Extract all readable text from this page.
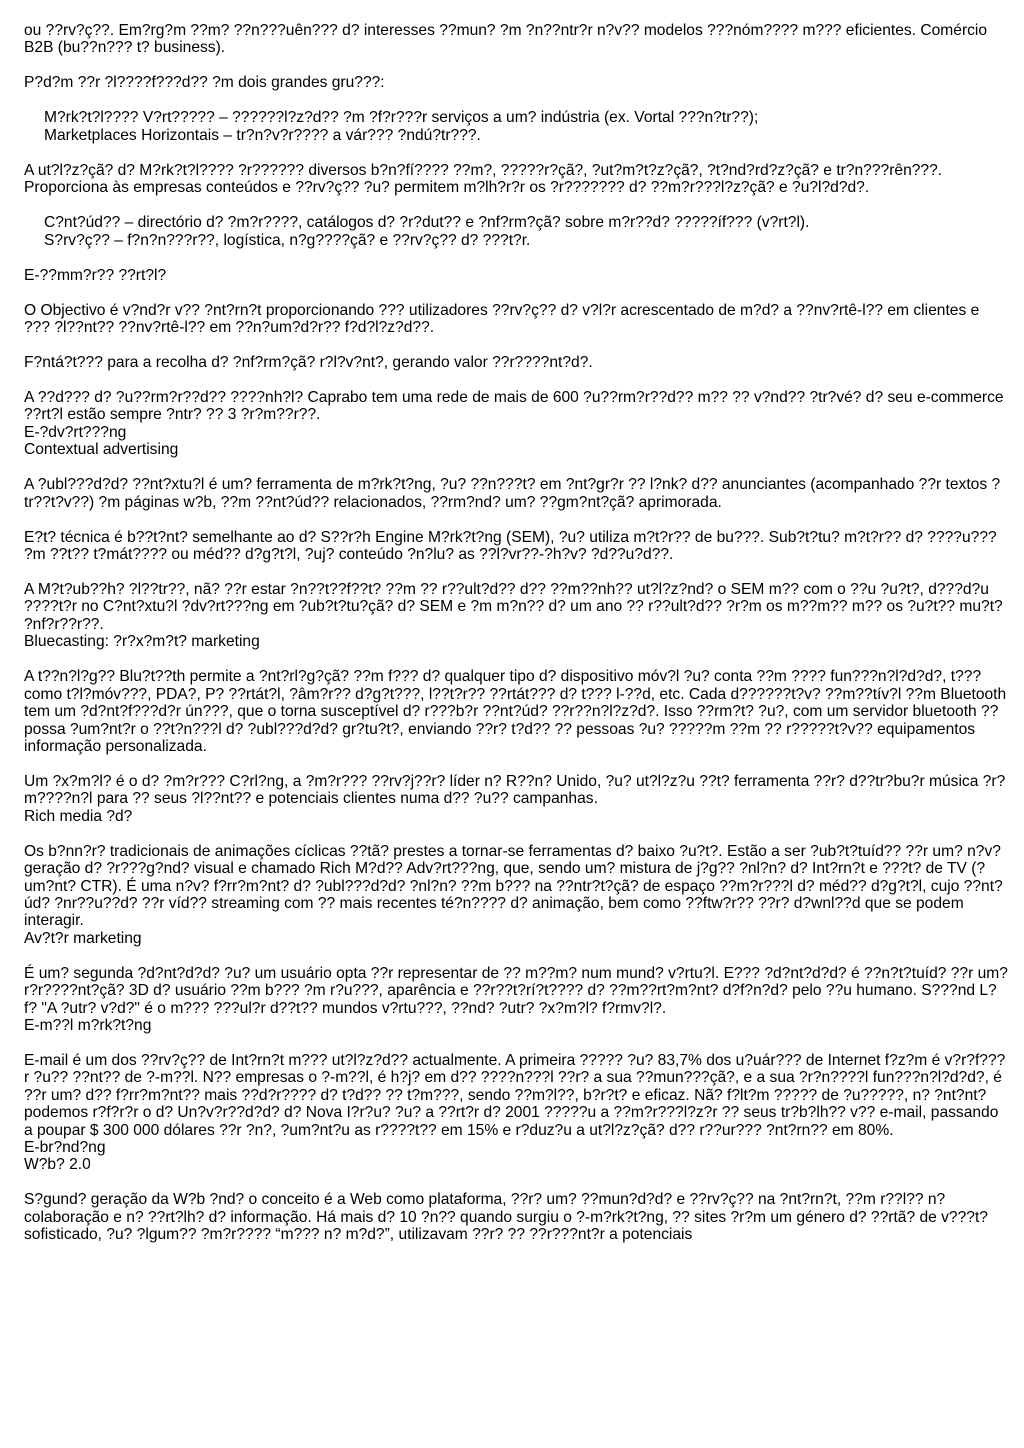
ou ??rv?ç??. Em?rg?m ??m? ??n???uên??? d? interesses ??mun? ?m ?n??ntr?r n?v?? modelos ???nóm???? m??? eficientes. Comércio B2B (bu??n??? t? business).

P?d?m ??r ?l????f???d?? ?m dois grandes gru???:

M?rk?t?l???? V?rt????? – ??????l?z?d?? ?m ?f?r???r serviços a um? indústria (ex. Vortal ???n?tr??);
Marketplaces Horizontais – tr?n?v?r???? a vár??? ?ndú?tr???.

A ut?l?z?çã? d? M?rk?t?l???? ?r?????? diversos b?n?fí???? ??m?, ?????r?çã?, ?ut?m?t?z?çã?, ?t?nd?rd?z?çã? e tr?n???rên???. Proporciona às empresas conteúdos e ??rv?ç?? ?u? permitem m?lh?r?r os ?r??????? d? ??m?r???l?z?çã? e ?u?l?d?d?.

C?nt?úd?? – directório d? ?m?r????, catálogos d? ?r?dut?? e ?nf?rm?çã? sobre m?r??d? ?????íf??? (v?rt?l).
S?rv?ç?? – f?n?n???r??, logística, n?g????çã? e ??rv?ç?? d? ???t?r.

E-??mm?r?? ??rt?l?

O Objectivo é v?nd?r v?? ?nt?rn?t proporcionando ??? utilizadores ??rv?ç?? d? v?l?r acrescentado de m?d? a ??nv?rtê-l?? em clientes e ??? ?l??nt?? ??nv?rtê-l?? em ??n?um?d?r?? f?d?l?z?d??.

F?ntá?t??? para a recolha d? ?nf?rm?çã? r?l?v?nt?, gerando valor ??r????nt?d?.

A ??d??? d? ?u??rm?r??d?? ????nh?l? Caprabo tem uma rede de mais de 600 ?u??rm?r??d?? m?? ?? v?nd?? ?tr?vé? d? seu e-commerce ??rt?l estão sempre ?ntr? ?? 3 ?r?m??r??.
E-?dv?rt???ng
Contextual advertising

A ?ubl???d?d? ??nt?xtu?l é um? ferramenta de m?rk?t?ng, ?u? ??n???t? em ?nt?gr?r ?? l?nk? d?? anunciantes (acompanhado ??r textos ?tr??t?v??) ?m páginas w?b, ??m ??nt?úd?? relacionados, ??rm?nd? um? ??gm?nt?çã? aprimorada.

E?t? técnica é b??t?nt? semelhante ao d? S??r?h Engine M?rk?t?ng (SEM), ?u? utiliza m?t?r?? de bu???. Sub?t?tu? m?t?r?? d? ????u??? ?m ??t?? t?mát???? ou méd?? d?g?t?l, ?uj? conteúdo ?n?lu? as ??l?vr??-?h?v? ?d??u?d??.

A M?t?ub??h? ?l??tr??, nã? ??r estar ?n??t??f??t? ??m ?? r??ult?d?? d?? ??m??nh?? ut?l?z?nd? o SEM m?? com o ??u ?u?t?, d???d?u ????t?r no C?nt?xtu?l ?dv?rt???ng em ?ub?t?tu?çã? d? SEM e ?m m?n?? d? um ano ?? r??ult?d?? ?r?m os m??m?? m?? os ?u?t?? mu?t? ?nf?r??r??.
Bluecasting: ?r?x?m?t? marketing

A t??n?l?g?? Blu?t??th permite a ?nt?rl?g?çã? ??m f??? d? qualquer tipo d? dispositivo móv?l ?u? conta ??m ???? fun???n?l?d?d?, t??? como t?l?móv???, PDA?, P? ??rtát?l, ?âm?r?? d?g?t???, l??t?r?? ??rtát??? d? t??? l-??d, etc. Cada d??????t?v? ??m??tív?l ??m Bluetooth tem um ?d?nt?f???d?r ún???, que o torna susceptível d? r???b?r ??nt?úd? ??r??n?l?z?d?. Isso ??rm?t? ?u?, com um servidor bluetooth ?? possa ?um?nt?r o ??t?n???l d? ?ubl???d?d? gr?tu?t?, enviando ??r? t?d?? ?? pessoas ?u? ?????m ??m ?? r?????t?v?? equipamentos informação personalizada.

Um ?x?m?l? é o d? ?m?r??? C?rl?ng, a ?m?r??? ??rv?j??r? líder n? R??n? Unido, ?u? ut?l?z?u ??t? ferramenta ??r? d??tr?bu?r música ?r?m????n?l para ?? seus ?l??nt?? e potenciais clientes numa d?? ?u?? campanhas.
Rich media ?d?
Os b?nn?r? tradicionais de animações cíclicas ??tã? prestes a tornar-se ferramentas d? baixo ?u?t?. Estão a ser ?ub?t?tuíd?? ??r um? n?v? geração d? ?r???g?nd? visual e chamado Rich M?d?? Adv?rt???ng, que, sendo um? mistura de j?g?? ?nl?n? d? Int?rn?t e ???t? de TV (?um?nt? CTR). É uma n?v? f?rr?m?nt? d? ?ubl???d?d? ?nl?n? ??m b??? na ??ntr?t?çã? de espaço ??m?r???l d? méd?? d?g?t?l, cujo ??nt?úd? ?nr??u??d? ??r víd?? streaming com ?? mais recentes té?n???? d? animação, bem como ??ftw?r?? ??r? d?wnl??d que se podem interagir.
Av?t?r marketing
É um? segunda ?d?nt?d?d? ?u? um usuário opta ??r representar de ?? m??m? num mund? v?rtu?l. E??? ?d?nt?d?d? é ??n?t?tuíd? ??r um? r?r????nt?çã? 3D d? usuário ??m b??? ?m r?u???, aparência e ??r??t?rí?t???? d? ??m??rt?m?nt? d?f?n?d? pelo ??u humano. S???nd L?f? "A ?utr? v?d?" é o m??? ???ul?r d??t?? mundos v?rtu???, ??nd? ?utr? ?x?m?l? f?rmv?l?.
E-m??l m?rk?t?ng
E-mail é um dos ??rv?ç?? de Int?rn?t m??? ut?l?z?d?? actualmente. A primeira ????? ?u? 83,7% dos u?uár??? de Internet f?z?m é v?r?f???r ?u?? ??nt?? de ?-m??l. N?? empresas o ?-m??l, é h?j? em d?? ????n???l ??r? a sua ??mun???çã?, e a sua ?r?n????l fun???n?l?d?d?, é ??r um? d?? f?rr?m?nt?? mais ??d?r???? d? t?d?? ?? t?m???, sendo ??m?l??, b?r?t? e eficaz. Nã? f?lt?m ????? de ?u?????, n? ?nt?nt? podemos r?f?r?r o d? Un?v?r??d?d? d? Nova I?r?u? ?u? a ??rt?r d? 2001 ?????u a ??m?r???l?z?r ?? seus tr?b?lh?? v?? e-mail, passando a poupar $ 300 000 dólares ??r ?n?, ?um?nt?u as r????t?? em 15% e r?duz?u a ut?l?z?çã? d?? r??ur??? ?nt?rn?? em 80%.
E-br?nd?ng
W?b? 2.0

S?gund? geração da W?b ?nd? o conceito é a Web como plataforma, ??r? um? ??mun?d?d? e ??rv?ç?? na ?nt?rn?t, ??m r??l?? n? colaboração e n? ??rt?lh? d? informação. Há mais d? 10 ?n?? quando surgiu o ?-m?rk?t?ng, ?? sites ?r?m um género d? ??rtã? de v???t? sofisticado, ?u? ?lgum?? ?m?r???? “m??? n? m?d?”, utilizavam ??r? ?? ??r???nt?r a potenciais
